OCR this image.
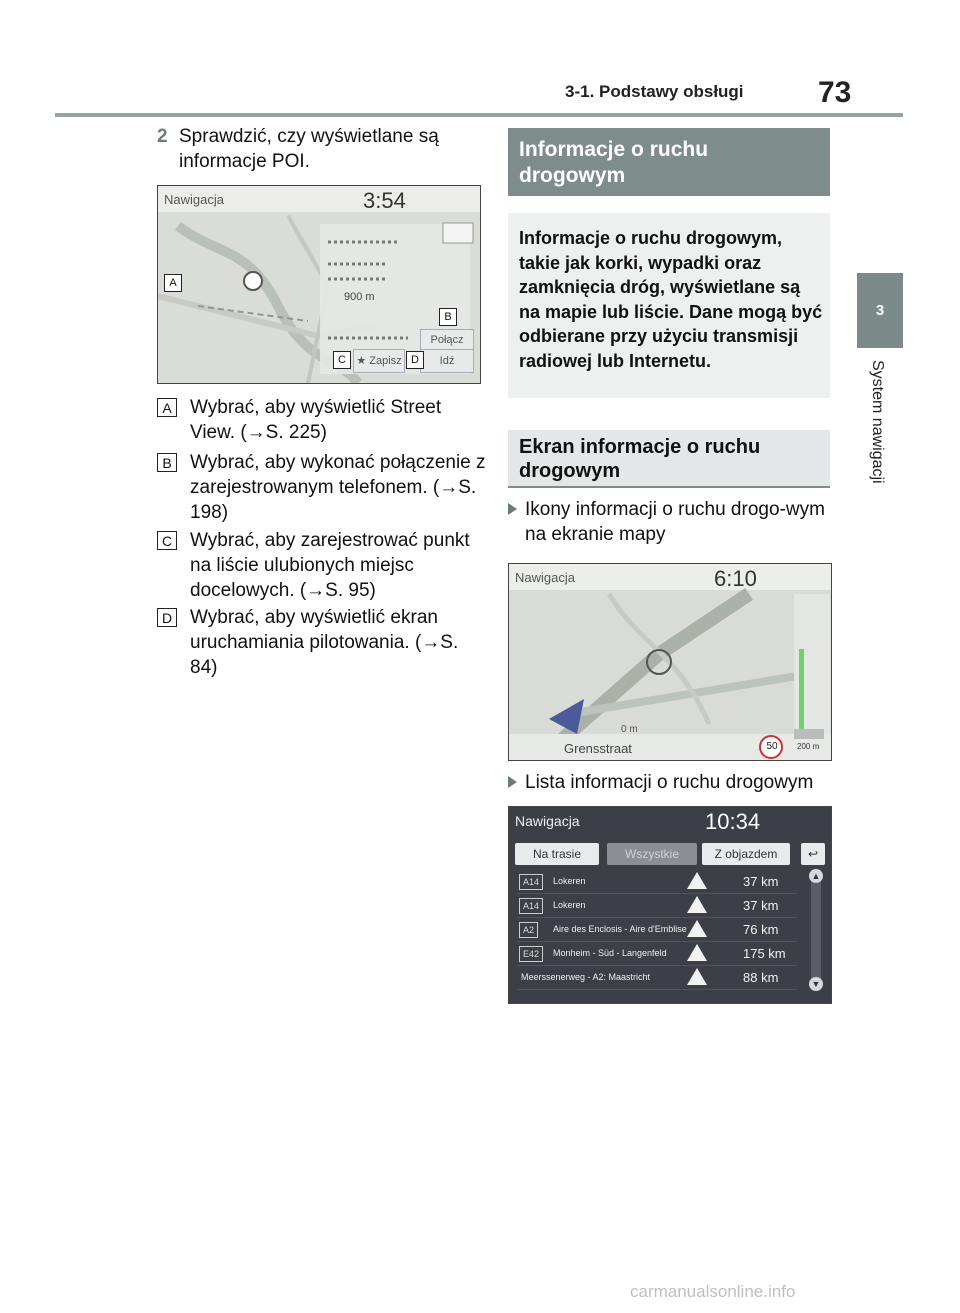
3-1. Podstawy obsługi 73
3
System nawigacji
2 Sprawdzić, czy wyświetlane są informacje POI.
Nawigacja	3:54
900 m
Połącz
★ Zapisz	Idź
A
B
C	D
A Wybrać, aby wyświetlić Street View. (→S. 225)
B Wybrać, aby wykonać połączenie z zarejestrowanym telefonem. (→S. 198)
C Wybrać, aby zarejestrować punkt na liście ulubionych miejsc docelowych. (→S. 95)
D Wybrać, aby wyświetlić ekran uruchamiania pilotowania. (→S. 84)
Informacje o ruchu drogowym
Informacje o ruchu drogowym, takie jak korki, wypadki oraz zamknięcia dróg, wyświetlane są na mapie lub liście. Dane mogą być odbierane przy użyciu transmisji radiowej lub Internetu.
Ekran informacje o ruchu drogowym
Ikony informacji o ruchu drogo-wym na ekranie mapy
Nawigacja	6:10
0 m
Grensstraat	50	200 m
Lista informacji o ruchu drogowym
Nawigacja	10:34
Na trasie	Wszystkie	Z objazdem	↩
A14	Lokeren	37 km
A14	Lokeren	37 km
A2	Aire des Enclosis - Aire d'Emblise	76 km
E42	Monheim - Süd - Langenfeld	175 km
Meerssenerweg - A2: Maastricht	88 km
▲
▼
carmanualsonline.info
